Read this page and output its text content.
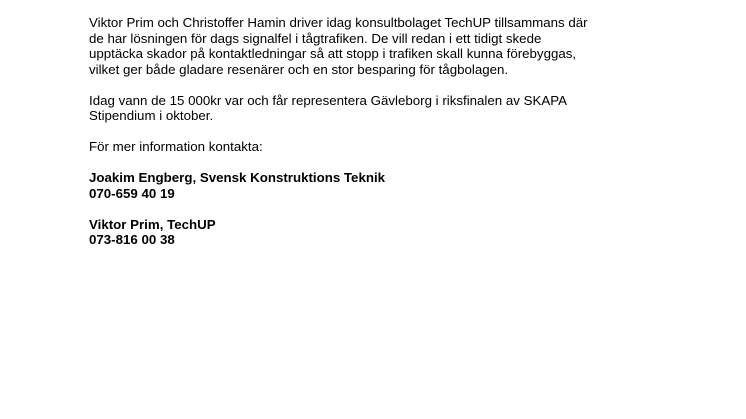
Viktor Prim och Christoffer Hamin driver idag konsultbolaget TechUP tillsammans där
de har lösningen för dags signalfel i tågtrafiken. De vill redan i ett tidigt skede
upptäcka skador på kontaktledningar så att stopp i trafiken skall kunna förebyggas,
vilket ger både gladare resenärer och en stor besparing för tågbolagen.

Idag vann de 15 000kr var och får representera Gävleborg i riksfinalen av SKAPA
Stipendium i oktober.

För mer information kontakta:

Joakim Engberg, Svensk Konstruktions Teknik
070-659 40 19

Viktor Prim, TechUP
073-816 00 38
